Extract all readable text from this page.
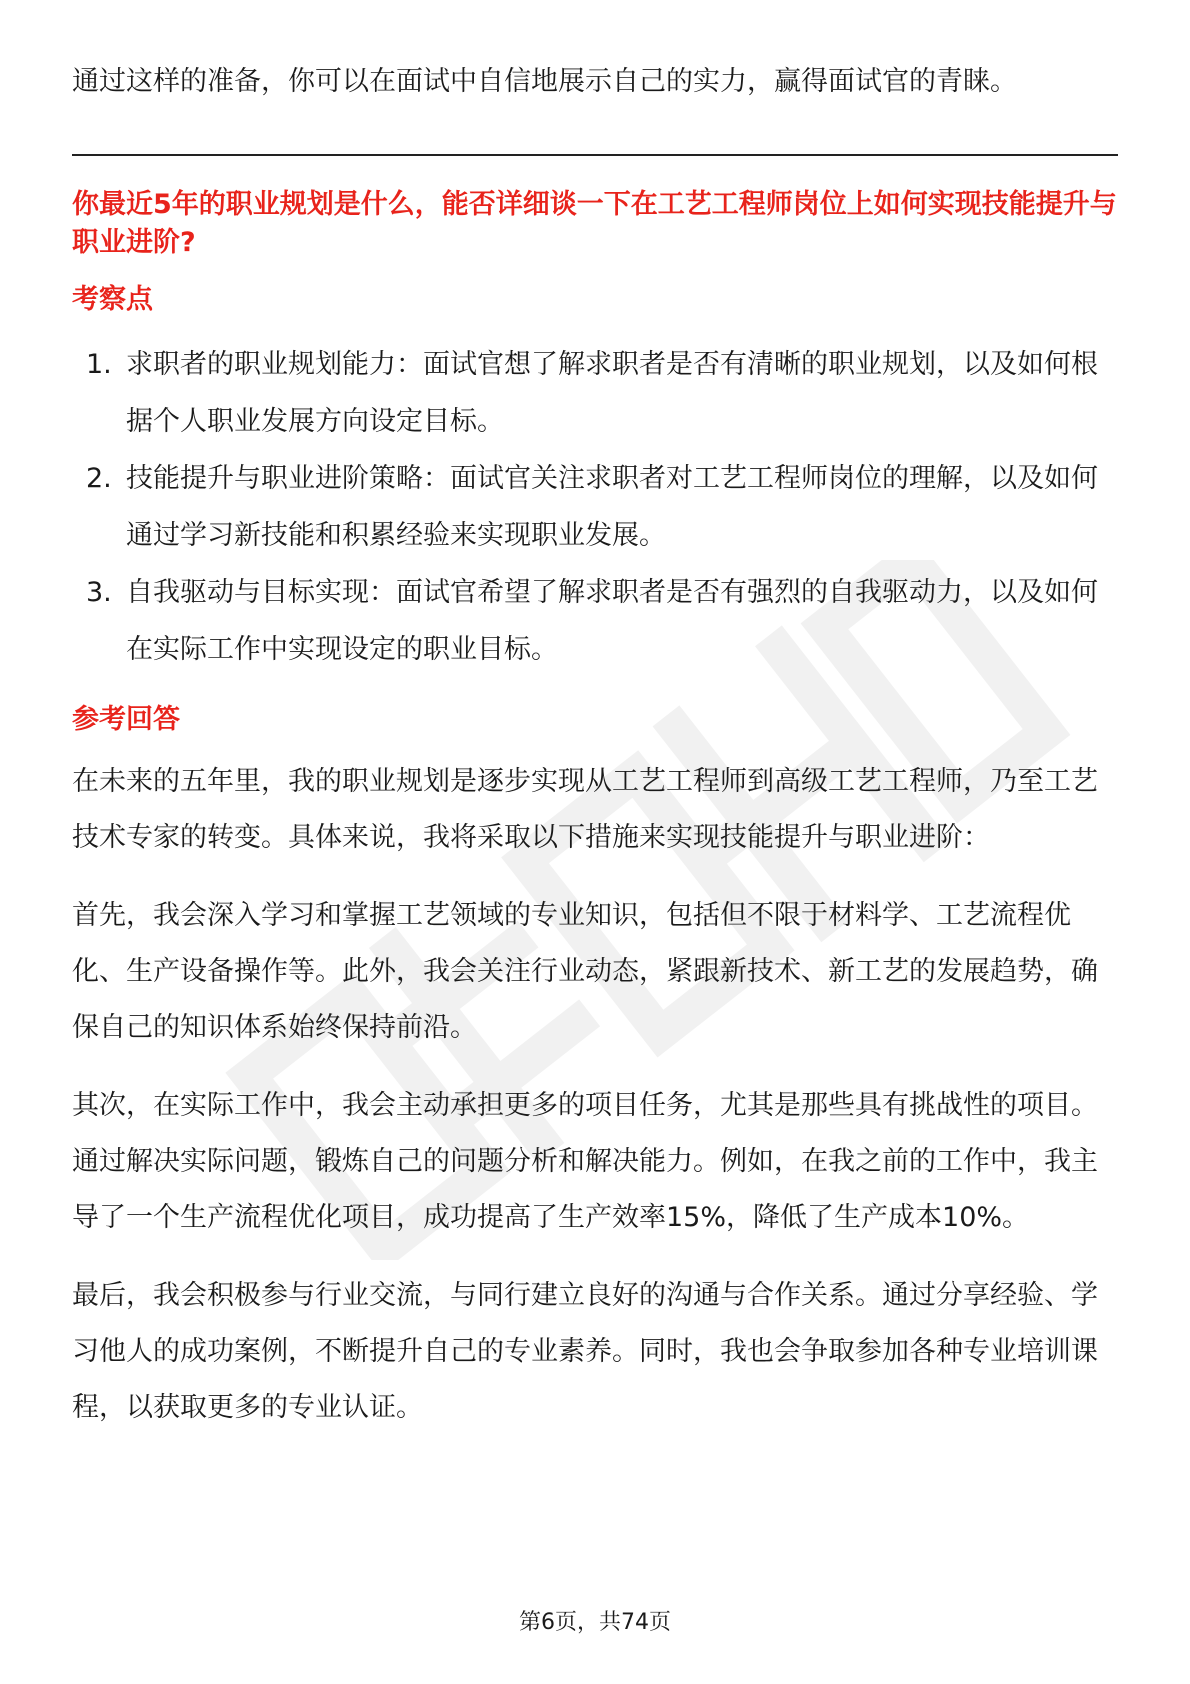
通过这样的准备，你可以在面试中自信地展示自己的实力，赢得面试官的青睐。

你最近5年的职业规划是什么，能否详细谈一下在工艺工程师岗位上如何实现技能提升与职业进阶?
考察点
1. 求职者的职业规划能力：面试官想了解求职者是否有清晰的职业规划，以及如何根据个人职业发展方向设定目标。
2. 技能提升与职业进阶策略：面试官关注求职者对工艺工程师岗位的理解，以及如何通过学习新技能和积累经验来实现职业发展。
3. 自我驱动与目标实现：面试官希望了解求职者是否有强烈的自我驱动力，以及如何在实际工作中实现设定的职业目标。
参考回答

在未来的五年里，我的职业规划是逐步实现从工艺工程师到高级工艺工程师，乃至工艺技术专家的转变。具体来说，我将采取以下措施来实现技能提升与职业进阶：

首先，我会深入学习和掌握工艺领域的专业知识，包括但不限于材料学、工艺流程优化、生产设备操作等。此外，我会关注行业动态，紧跟新技术、新工艺的发展趋势，确保自己的知识体系始终保持前沿。

其次，在实际工作中，我会主动承担更多的项目任务，尤其是那些具有挑战性的项目。通过解决实际问题，锻炼自己的问题分析和解决能力。例如，在我之前的工作中，我主导了一个生产流程优化项目，成功提高了生产效率15%，降低了生产成本10%。

最后，我会积极参与行业交流，与同行建立良好的沟通与合作关系。通过分享经验、学习他人的成功案例，不断提升自己的专业素养。同时，我也会争取参加各种专业培训课程，以获取更多的专业认证。

第6页，共74页
